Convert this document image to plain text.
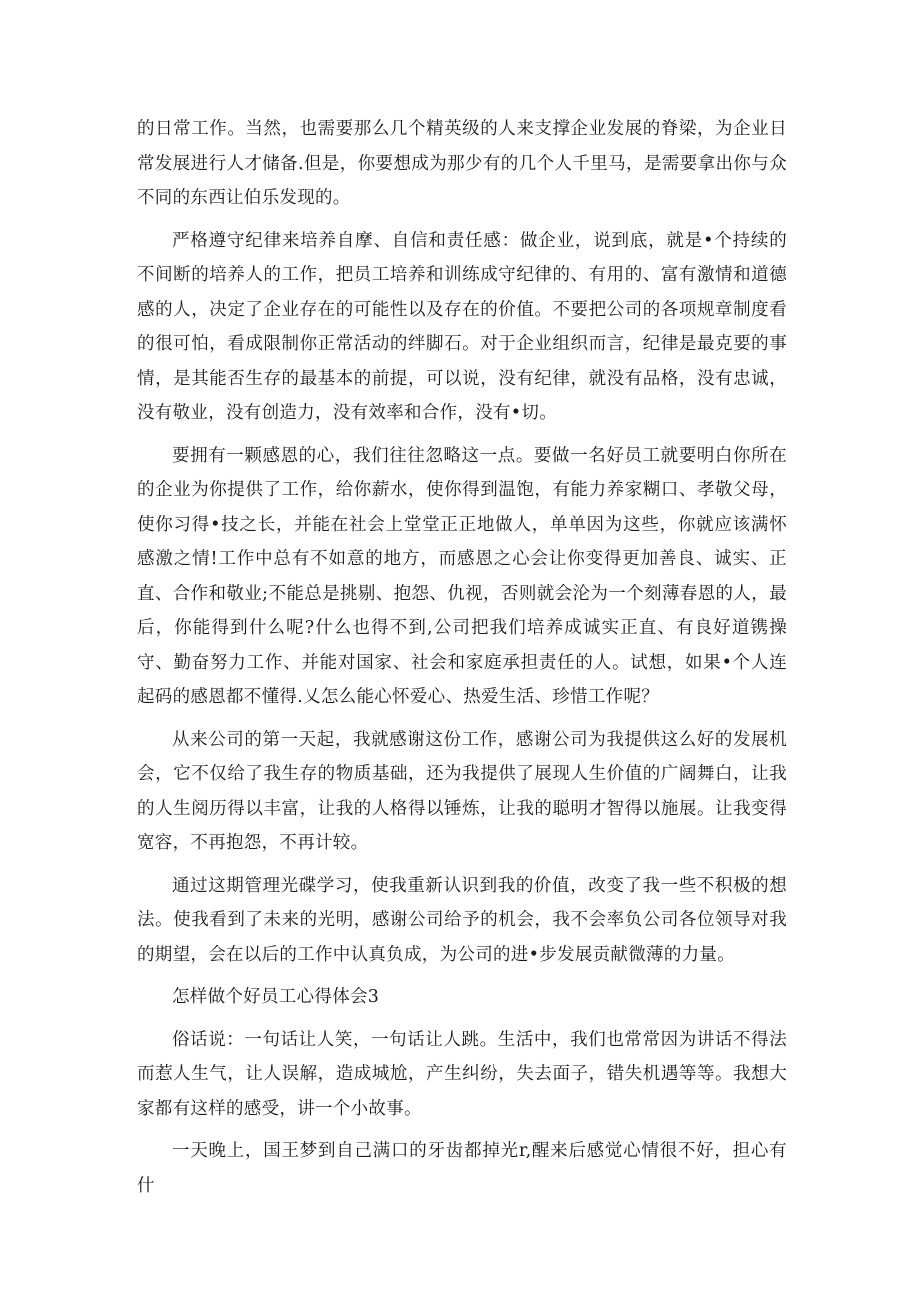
的日常工作。当然，也需要那么几个精英级的人来支撑企业发展的脊梁，为企业日常发展进行人才储备.但是，你要想成为那少有的几个人千里马，是需要拿出你与众不同的东西让伯乐发现的。

严格遵守纪律来培养自摩、自信和责任感：做企业，说到底，就是•个持续的不间断的培养人的工作，把员工培养和训练成守纪律的、有用的、富有激情和道德感的人，决定了企业存在的可能性以及存在的价值。不要把公司的各项规章制度看的很可怕，看成限制你正常活动的绊脚石。对于企业组织而言，纪律是最克要的事情，是其能否生存的最基本的前提，可以说，没有纪律，就没有品格，没有忠诚，没有敬业，没有创造力，没有效率和合作，没有•切。

要拥有一颗感恩的心，我们往往忽略这一点。要做一名好员工就要明白你所在的企业为你提供了工作，给你薪水，使你得到温饱，有能力养家糊口、孝敬父母，使你习得•技之长，并能在社会上堂堂正正地做人，单单因为这些，你就应该满怀感激之情!工作中总有不如意的地方，而感恩之心会让你变得更加善良、诚实、正直、合作和敬业;不能总是挑剔、抱怨、仇视，否则就会沦为一个刻薄春恩的人，最后，你能得到什么呢?什么也得不到,公司把我们培养成诚实正直、有良好道镌操守、勤奋努力工作、并能对国家、社会和家庭承担责任的人。试想，如果•个人连起码的感恩都不懂得.乂怎么能心怀爱心、热爱生活、珍惜工作呢？

从来公司的第一天起，我就感谢这份工作，感谢公司为我提供这么好的发展机会，它不仅给了我生存的物质基础，还为我提供了展现人生价值的广阔舞白，让我的人生阅历得以丰富，让我的人格得以锤炼，让我的聪明才智得以施展。让我变得宽容，不再抱怨，不再计较。

通过这期管理光碟学习，使我重新认识到我的价值，改变了我一些不积极的想法。使我看到了未来的光明，感谢公司给予的机会，我不会率负公司各位领导对我的期望，会在以后的工作中认真负成，为公司的进•步发展贡献微薄的力量。

怎样做个好员工心得体会3

俗话说：一句话让人笑，一句话让人跳。生活中，我们也常常因为讲话不得法而惹人生气，让人误解，造成城尬，产生纠纷，失去面子，错失机遇等等。我想大家都有这样的感受，讲一个小故事。

一天晚上，国王梦到自己满口的牙齿都掉光r,醒来后感觉心情很不好，担心有什
